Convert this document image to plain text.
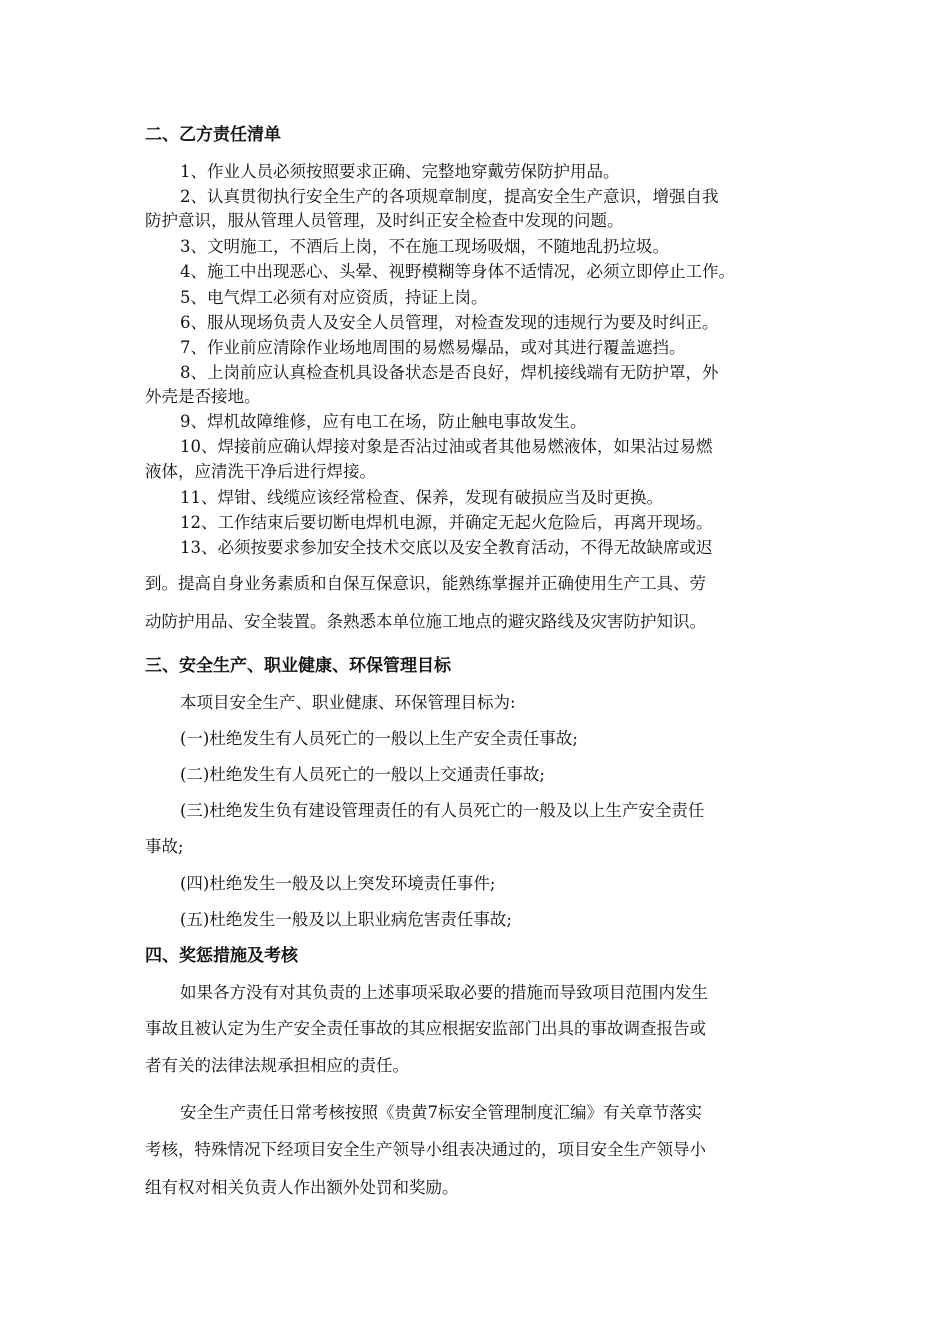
二、乙方责任清单

1、作业人员必须按照要求正确、完整地穿戴劳保防护用品。

2、认真贯彻执行安全生产的各项规章制度，提高安全生产意识，增强自我

防护意识，服从管理人员管理，及时纠正安全检查中发现的问题。

3、文明施工，不酒后上岗，不在施工现场吸烟，不随地乱扔垃圾。

4、施工中出现恶心、头晕、视野模糊等身体不适情况，必须立即停止工作。

5、电气焊工必须有对应资质，持证上岗。

6、服从现场负责人及安全人员管理，对检查发现的违规行为要及时纠正。

7、作业前应清除作业场地周围的易燃易爆品，或对其进行覆盖遮挡。

8、上岗前应认真检查机具设备状态是否良好，焊机接线端有无防护罩，外

外壳是否接地。

9、焊机故障维修，应有电工在场，防止触电事故发生。

10、焊接前应确认焊接对象是否沾过油或者其他易燃液体，如果沾过易燃

液体，应清洗干净后进行焊接。

11、焊钳、线缆应该经常检查、保养，发现有破损应当及时更换。

12、工作结束后要切断电焊机电源，并确定无起火危险后，再离开现场。

13、必须按要求参加安全技术交底以及安全教育活动，不得无故缺席或迟

到。提高自身业务素质和自保互保意识，能熟练掌握并正确使用生产工具、劳

动防护用品、安全装置。条熟悉本单位施工地点的避灾路线及灾害防护知识。

三、安全生产、职业健康、环保管理目标

本项目安全生产、职业健康、环保管理目标为:

(一)杜绝发生有人员死亡的一般以上生产安全责任事故;

(二)杜绝发生有人员死亡的一般以上交通责任事故;

(三)杜绝发生负有建设管理责任的有人员死亡的一般及以上生产安全责任

事故;

(四)杜绝发生一般及以上突发环境责任事件;

(五)杜绝发生一般及以上职业病危害责任事故;

四、奖惩措施及考核

如果各方没有对其负责的上述事项采取必要的措施而导致项目范围内发生

事故且被认定为生产安全责任事故的其应根据安监部门出具的事故调查报告或

者有关的法律法规承担相应的责任。

安全生产责任日常考核按照《贵黄7标安全管理制度汇编》有关章节落实

考核，特殊情况下经项目安全生产领导小组表决通过的，项目安全生产领导小

组有权对相关负责人作出额外处罚和奖励。
